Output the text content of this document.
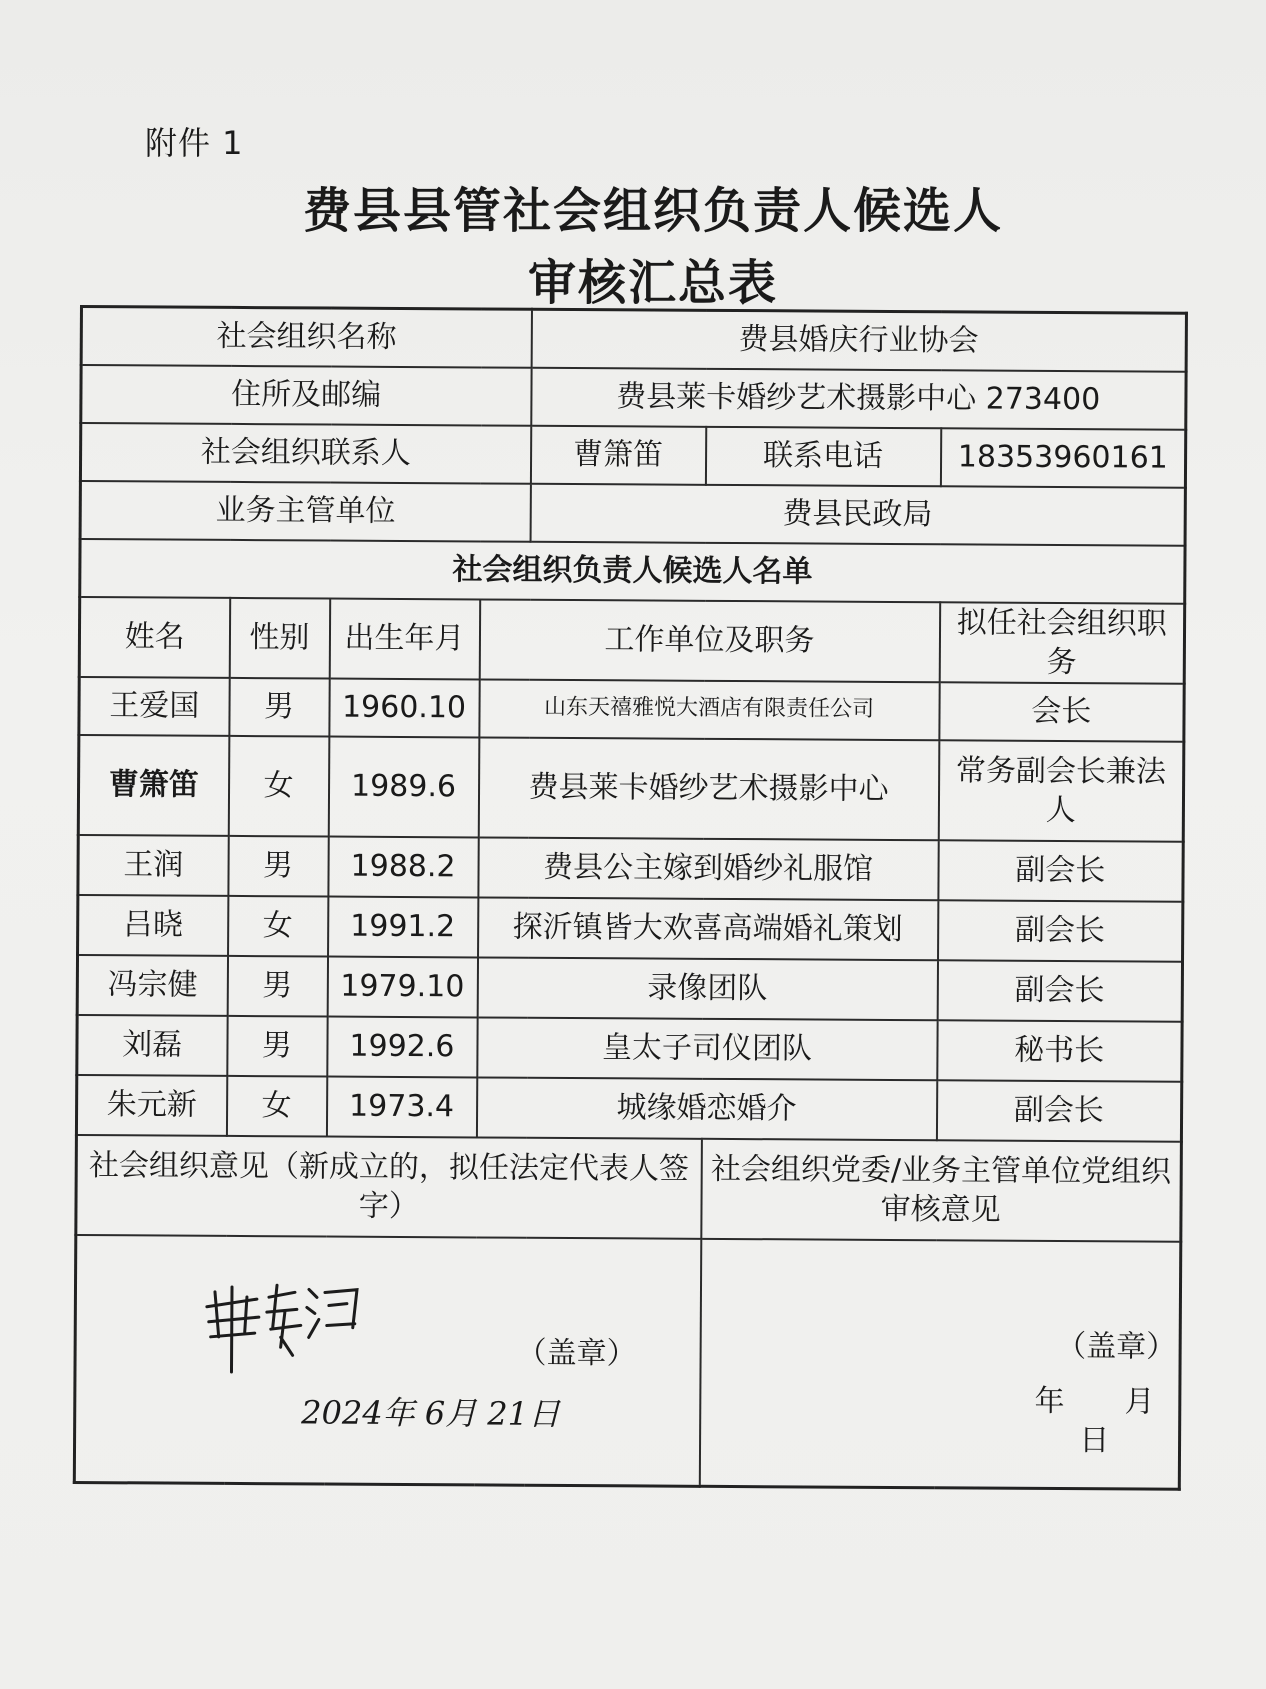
附件 1
费县县管社会组织负责人候选人
审核汇总表
社会组织名称				费县婚庆行业协会		
住所及邮编				费县莱卡婚纱艺术摄影中心 273400		
社会组织联系人				曹箫笛	联系电话	18353960161
业务主管单位				费县民政局		
社会组织负责人候选人名单						
姓名	性别	出生年月	工作单位及职务			拟任社会组织职务
王爱国	男	1960.10	山东天禧雅悦大酒店有限责任公司			会长
曹箫笛	女	1989.6	费县莱卡婚纱艺术摄影中心			常务副会长兼法人
王润	男	1988.2	费县公主嫁到婚纱礼服馆			副会长
吕晓	女	1991.2	探沂镇皆大欢喜高端婚礼策划			副会长
冯宗健	男	1979.10	录像团队			副会长
刘磊	男	1992.6	皇太子司仪团队			秘书长
朱元新	女	1973.4	城缘婚恋婚介			副会长
社会组织意见（新成立的，拟任法定代表人签字）					社会组织党委/业务主管单位党组织审核意见	

（盖章）
2024年 6月 21日					（盖章）
年　　月　　日	
